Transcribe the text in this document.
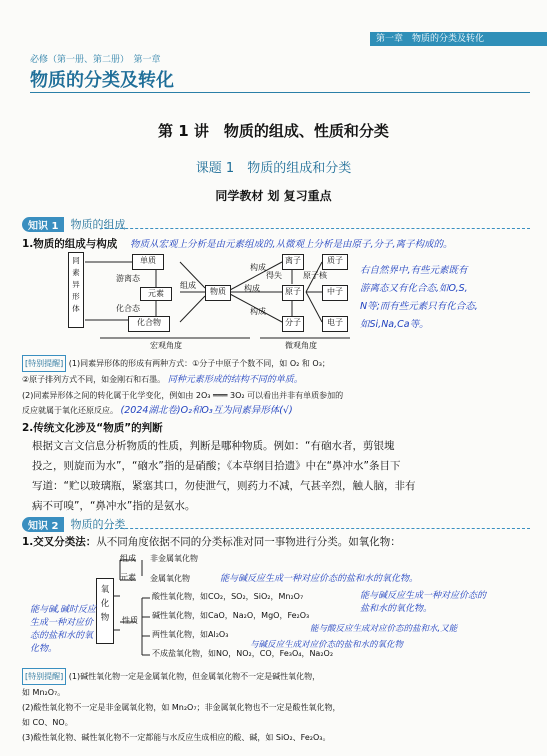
第一章　物质的分类及转化
必修（第一册、第二册）　第一章
物质的分类及转化
第 1 讲　物质的组成、性质和分类
课题 1　物质的组成和分类
同学教材 划 复习重点
知识 1	物质的组成
1.物质的组成与构成 物质从宏观上分析是由元素组成的,从微观上分析是由原子,分子,离子构成的。
同素异形体
单质
游离态
元素
化合态
化合物
组成
物质
构成
构成
构成
离子
得失
原子
分子
原子核
质子
中子
电子
宏观角度	微观角度
右自然界中,有些元素既有
游离态又有化合态,如O,S,
N等;而有些元素只有化合态,
如Si,Na,Ca等。
[特别提醒] (1)同素异形体的形成有两种方式：①分子中原子个数不同，如 O₂ 和 O₃；
②原子排列方式不同，如金刚石和石墨。 同种元素形成的结构不同的单质。
(2)同素异形体之间的转化属于化学变化，例如由 2O₃ ═══ 3O₂ 可以看出并非有单质参加的
反应就属于氧化还原反应。 (2024湖北卷)O₂和O₃互为同素异形体(√)
2.传统文化涉及“物质”的判断
根据文言文信息分析物质的性质，判断是哪种物质。例如：“有硇水者，剪银塊
投之，则旋而为水”，“硇水”指的是硝酸；《本草纲目拾遗》中在“鼻冲水”条目下
写道：“贮以玻璃瓶，紧塞其口，勿使泄气，则药力不减，气甚辛烈，触人脑，非有
病不可嗅”，“鼻冲水”指的是氨水。
知识 2	物质的分类
1.交叉分类法：从不同角度依据不同的分类标准对同一事物进行分类。如氧化物：
氧化物
组成
元素
性质
非金属氧化物
金属氧化物
酸性氧化物，如CO₂，SO₂，SiO₂，Mn₂O₇
碱性氧化物，如CaO，Na₂O，MgO，Fe₂O₃
两性氧化物，如Al₂O₃
不成盐氧化物，如NO，NO₂，CO，Fe₃O₄，Na₂O₂
能与碱反应生成一种对应价态的盐和水的氧化物。
能与碱反应生成一种对应价态的
盐和水的氧化物。
能与碱,碱时反应
生成一种对应价
态的盐和水的氧
化物。
能与酸反应生成对应价态的盐和水,又能
与碱反应生成对应价态的盐和水的氧化物
[特别提醒] (1)碱性氧化物一定是金属氧化物，但金属氧化物不一定是碱性氧化物，
如 Mn₂O₇。
(2)酸性氧化物不一定是非金属氧化物，如 Mn₂O₇；非金属氧化物也不一定是酸性氧化物，
如 CO、NO。
(3)酸性氧化物、碱性氧化物不一定都能与水反应生成相应的酸、碱，如 SiO₂、Fe₂O₃。
